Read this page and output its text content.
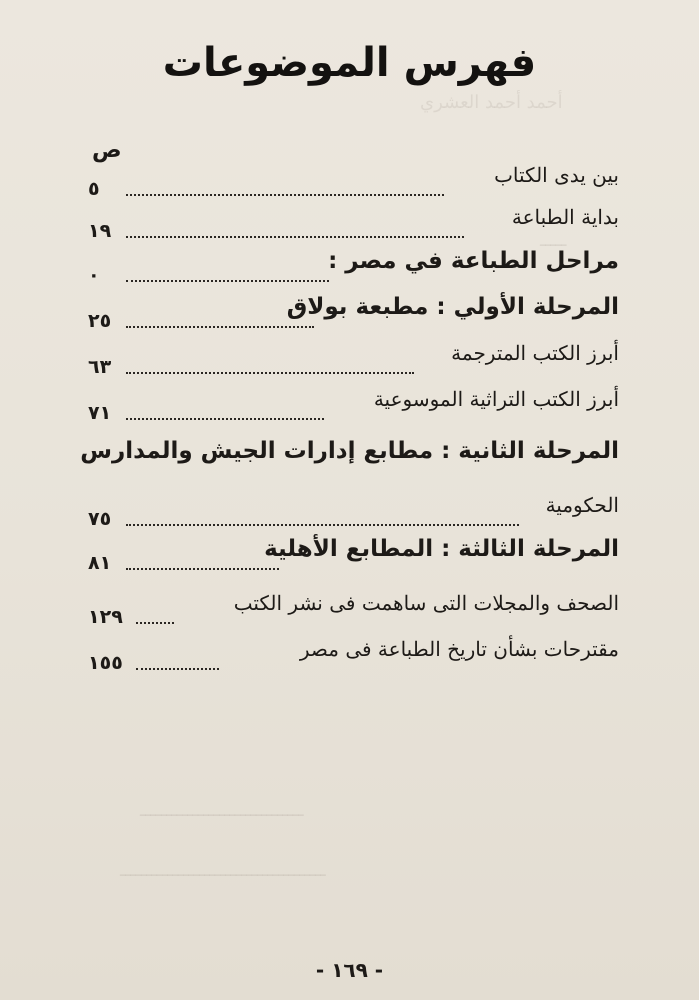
أحمد أحمد العشري
ـــــ
ـــــــــــــــــــــــــــــــ
ـــــــــــــــــــــــــــــــــــــــ
فهرس الموضوعات
ص
بين يدى الكتاب
٥
بداية الطباعة
١٩
مراحل الطباعة في مصر :
٠
المرحلة الأولي : مطبعة بولاق
٢٥
أبرز الكتب المترجمة
٦٣
أبرز الكتب التراثية الموسوعية
٧١
المرحلة الثانية : مطابع إدارات الجيش والمدارس
الحكومية
٧٥
المرحلة الثالثة : المطابع الأهلية
٨١
الصحف والمجلات التى ساهمت فى نشر الكتب
١٢٩
مقترحات بشأن تاريخ الطباعة فى مصر
١٥٥
- ١٦٩ -
